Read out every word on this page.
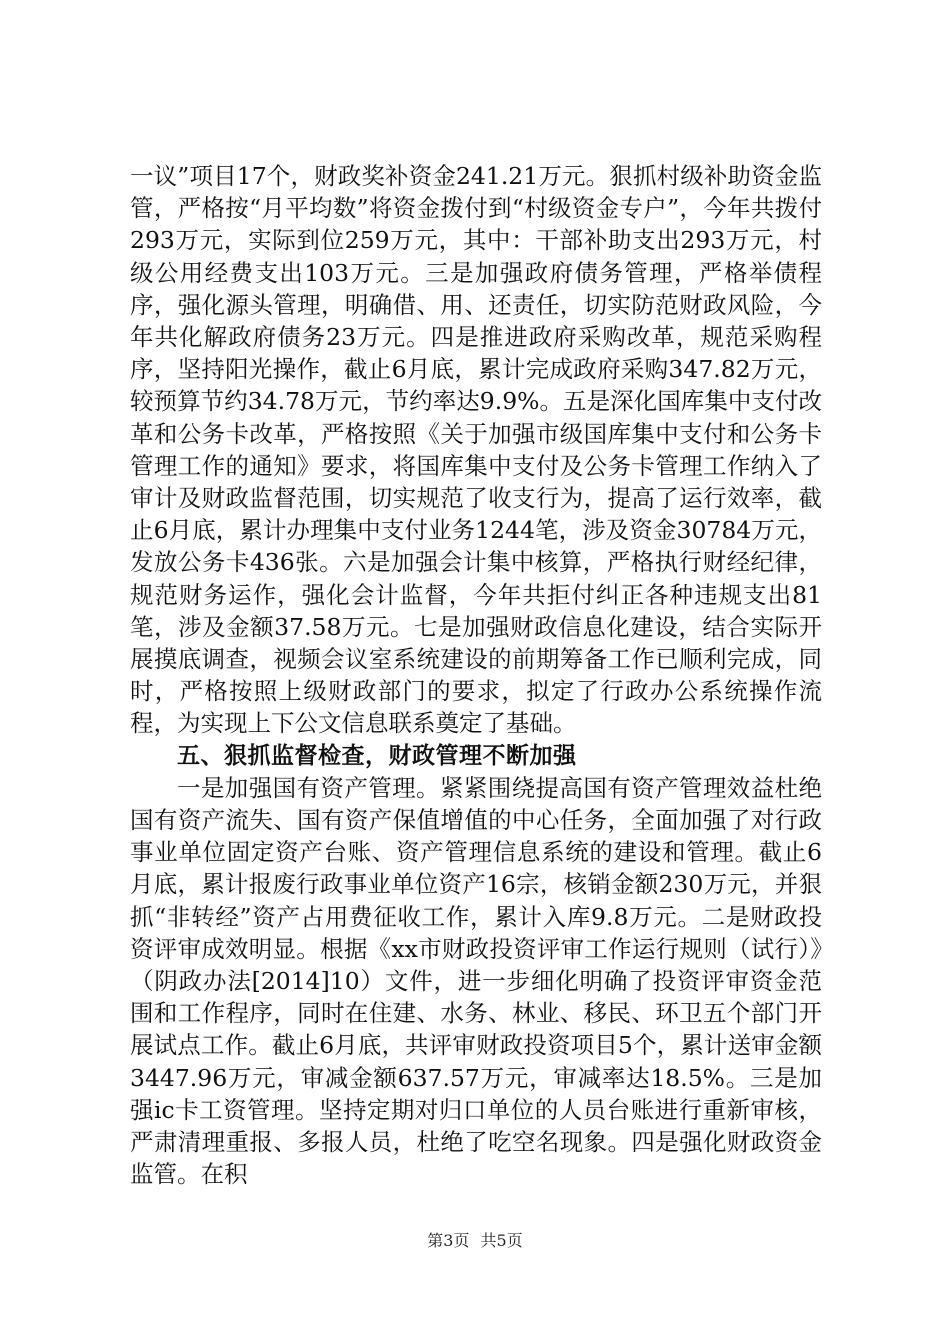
一议”项目17个，财政奖补资金241.21万元。狠抓村级补助资金监管，严格按“月平均数”将资金拨付到“村级资金专户”，今年共拨付293万元，实际到位259万元，其中：干部补助支出293万元，村级公用经费支出103万元。三是加强政府债务管理，严格举债程序，强化源头管理，明确借、用、还责任，切实防范财政风险，今年共化解政府债务23万元。四是推进政府采购改革，规范采购程序，坚持阳光操作，截止6月底，累计完成政府采购347.82万元，较预算节约34.78万元，节约率达9.9%。五是深化国库集中支付改革和公务卡改革，严格按照《关于加强市级国库集中支付和公务卡管理工作的通知》要求，将国库集中支付及公务卡管理工作纳入了审计及财政监督范围，切实规范了收支行为，提高了运行效率，截止6月底，累计办理集中支付业务1244笔，涉及资金30784万元，发放公务卡436张。六是加强会计集中核算，严格执行财经纪律，规范财务运作，强化会计监督，今年共拒付纠正各种违规支出81笔，涉及金额37.58万元。七是加强财政信息化建设，结合实际开展摸底调查，视频会议室系统建设的前期筹备工作已顺利完成，同时，严格按照上级财政部门的要求，拟定了行政办公系统操作流程，为实现上下公文信息联系奠定了基础。

五、狠抓监督检查，财政管理不断加强

一是加强国有资产管理。紧紧围绕提高国有资产管理效益杜绝国有资产流失、国有资产保值增值的中心任务，全面加强了对行政事业单位固定资产台账、资产管理信息系统的建设和管理。截止6月底，累计报废行政事业单位资产16宗，核销金额230万元，并狠抓“非转经”资产占用费征收工作，累计入库9.8万元。二是财政投资评审成效明显。根据《xx市财政投资评审工作运行规则（试行）》（阴政办法[2014]10）文件，进一步细化明确了投资评审资金范围和工作程序，同时在住建、水务、林业、移民、环卫五个部门开展试点工作。截止6月底，共评审财政投资项目5个，累计送审金额3447.96万元，审减金额637.57万元，审减率达18.5%。三是加强ic卡工资管理。坚持定期对归口单位的人员台账进行重新审核，严肃清理重报、多报人员，杜绝了吃空名现象。四是强化财政资金监管。在积

第3页 共5页
